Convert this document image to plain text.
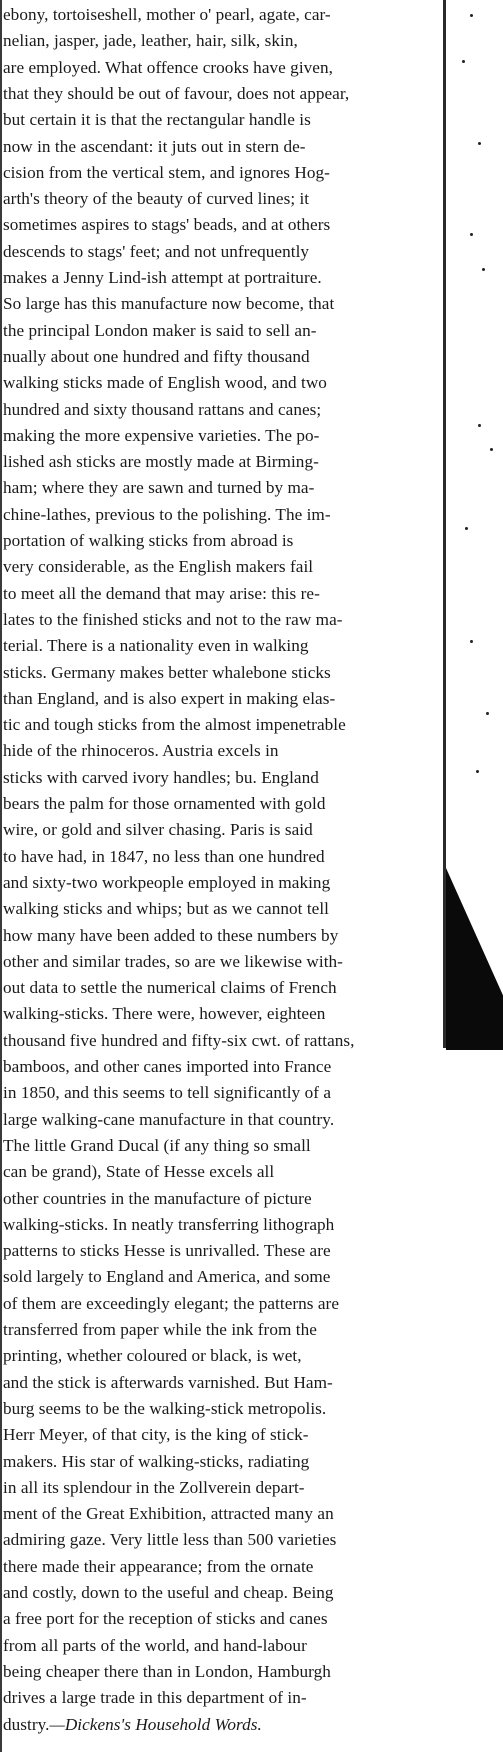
ebony, tortoiseshell, mother o' pearl, agate, car-
nelian, jasper, jade, leather, hair, silk, skin,
are employed. What offence crooks have given,
that they should be out of favour, does not appear,
but certain it is that the rectangular handle is
now in the ascendant: it juts out in stern de-
cision from the vertical stem, and ignores Hog-
arth's theory of the beauty of curved lines; it
sometimes aspires to stags' beads, and at others
descends to stags' feet; and not unfrequently
makes a Jenny Lind-ish attempt at portraiture.
So large has this manufacture now become, that
the principal London maker is said to sell an-
nually about one hundred and fifty thousand
walking sticks made of English wood, and two
hundred and sixty thousand rattans and canes;
making the more expensive varieties. The po-
lished ash sticks are mostly made at Birming-
ham; where they are sawn and turned by ma-
chine-lathes, previous to the polishing. The im-
portation of walking sticks from abroad is
very considerable, as the English makers fail
to meet all the demand that may arise: this re-
lates to the finished sticks and not to the raw ma-
terial. There is a nationality even in walking
sticks. Germany makes better whalebone sticks
than England, and is also expert in making elas-
tic and tough sticks from the almost impenetrable
hide of the rhinoceros. Austria excels in
sticks with carved ivory handles; bu. England
bears the palm for those ornamented with gold
wire, or gold and silver chasing. Paris is said
to have had, in 1847, no less than one hundred
and sixty-two workpeople employed in making
walking sticks and whips; but as we cannot tell
how many have been added to these numbers by
other and similar trades, so are we likewise with-
out data to settle the numerical claims of French
walking-sticks. There were, however, eighteen
thousand five hundred and fifty-six cwt. of rattans,
bamboos, and other canes imported into France
in 1850, and this seems to tell significantly of a
large walking-cane manufacture in that country.
The little Grand Ducal (if any thing so small
can be grand), State of Hesse excels all
other countries in the manufacture of picture
walking-sticks. In neatly transferring lithograph
patterns to sticks Hesse is unrivalled. These are
sold largely to England and America, and some
of them are exceedingly elegant; the patterns are
transferred from paper while the ink from the
printing, whether coloured or black, is wet,
and the stick is afterwards varnished. But Ham-
burg seems to be the walking-stick metropolis.
Herr Meyer, of that city, is the king of stick-
makers. His star of walking-sticks, radiating
in all its splendour in the Zollverein depart-
ment of the Great Exhibition, attracted many an
admiring gaze. Very little less than 500 varieties
there made their appearance; from the ornate
and costly, down to the useful and cheap. Being
a free port for the reception of sticks and canes
from all parts of the world, and hand-labour
being cheaper there than in London, Hamburgh
drives a large trade in this department of in-
dustry.—Dickens's Household Words.
